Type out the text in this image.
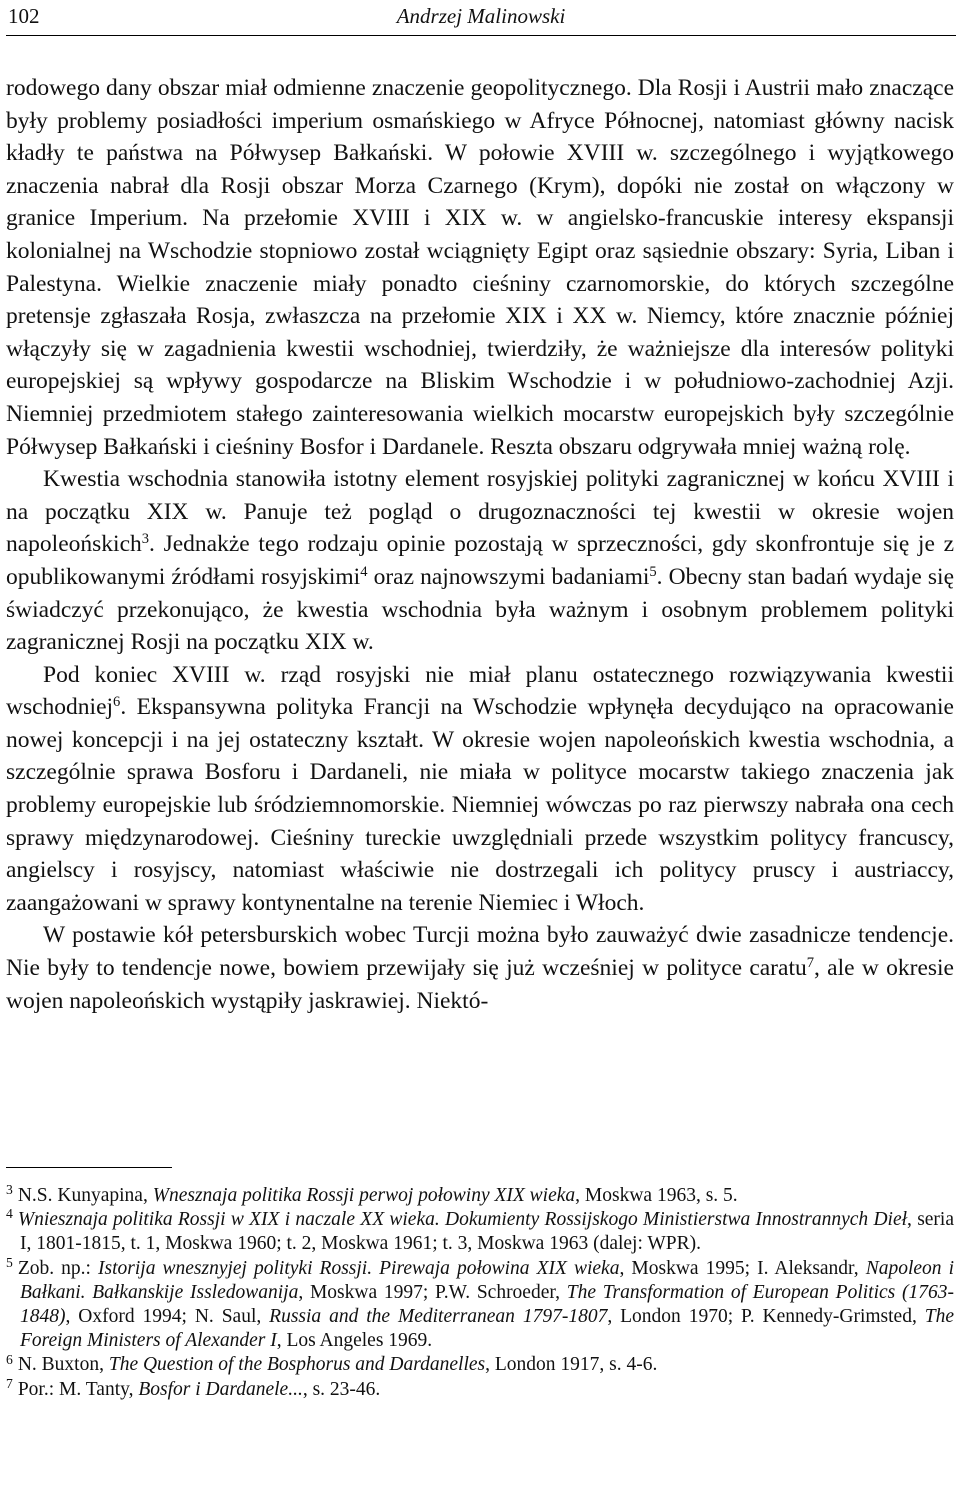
102	Andrzej Malinowski

rodowego dany obszar miał odmienne znaczenie geopolitycznego. Dla Rosji i Austrii mało znaczące były problemy posiadłości imperium osmańskiego w Afryce Północnej, natomiast główny nacisk kładły te państwa na Półwysep Bałkański. W połowie XVIII w. szczególnego i wyjątkowego znaczenia nabrał dla Rosji obszar Morza Czarnego (Krym), dopóki nie został on włączony w granice Imperium. Na przełomie XVIII i XIX w. w angielsko-francuskie interesy ekspansji kolonialnej na Wschodzie stopniowo został wciągnięty Egipt oraz sąsiednie obszary: Syria, Liban i Palestyna. Wielkie znaczenie miały ponadto cieśniny czarnomorskie, do których szczególne pretensje zgłaszała Rosja, zwłaszcza na przełomie XIX i XX w. Niemcy, które znacznie później włączyły się w zagadnienia kwestii wschodniej, twierdziły, że ważniejsze dla interesów polityki europejskiej są wpływy gospodarcze na Bliskim Wschodzie i w południowo-zachodniej Azji. Niemniej przedmiotem stałego zainteresowania wielkich mocarstw europejskich były szczególnie Półwysep Bałkański i cieśniny Bosfor i Dardanele. Reszta obszaru odgrywała mniej ważną rolę.

Kwestia wschodnia stanowiła istotny element rosyjskiej polityki zagranicznej w końcu XVIII i na początku XIX w. Panuje też pogląd o drugoznaczności tej kwestii w okresie wojen napoleońskich$^3$. Jednakże tego rodzaju opinie pozostają w sprzeczności, gdy skonfrontuje się je z opublikowanymi źródłami rosyjskimi$^4$ oraz najnowszymi badaniami$^5$. Obecny stan badań wydaje się świadczyć przekonująco, że kwestia wschodnia była ważnym i osobnym problemem polityki zagranicznej Rosji na początku XIX w.

Pod koniec XVIII w. rząd rosyjski nie miał planu ostatecznego rozwiązywania kwestii wschodniej$^6$. Ekspansywna polityka Francji na Wschodzie wpłynęła decydująco na opracowanie nowej koncepcji i na jej ostateczny kształt. W okresie wojen napoleońskich kwestia wschodnia, a szczególnie sprawa Bosforu i Dardaneli, nie miała w polityce mocarstw takiego znaczenia jak problemy europejskie lub śródziemnomorskie. Niemniej wówczas po raz pierwszy nabrała ona cech sprawy międzynarodowej. Cieśniny tureckie uwzględniali przede wszystkim politycy francuscy, angielscy i rosyjscy, natomiast właściwie nie dostrzegali ich politycy pruscy i austriaccy, zaangażowani w sprawy kontynentalne na terenie Niemiec i Włoch.

W postawie kół petersburskich wobec Turcji można było zauważyć dwie zasadnicze tendencje. Nie były to tendencje nowe, bowiem przewijały się już wcześniej w polityce caratu$^7$, ale w okresie wojen napoleońskich wystąpiły jaskrawiej. Niektó-

$^3$ N.S. Kunyapina, Wnesznaja politika Rossji perwoj połowiny XIX wieka, Moskwa 1963, s. 5.
$^4$ Wniesznaja politika Rossji w XIX i naczale XX wieka. Dokumienty Rossijskogo Ministierstwa Innostrannych Dieł, seria I, 1801-1815, t. 1, Moskwa 1960; t. 2, Moskwa 1961; t. 3, Moskwa 1963 (dalej: WPR).
$^5$ Zob. np.: Istorija wnesznyjej polityki Rossji. Pirewaja połowina XIX wieka, Moskwa 1995; I. Aleksandr, Napoleon i Bałkani. Bałkanskije Issledowanija, Moskwa 1997; P.W. Schroeder, The Transformation of European Politics (1763-1848), Oxford 1994; N. Saul, Russia and the Mediterranean 1797-1807, London 1970; P. Kennedy-Grimsted, The Foreign Ministers of Alexander I, Los Angeles 1969.
$^6$ N. Buxton, The Question of the Bosphorus and Dardanelles, London 1917, s. 4-6.
$^7$ Por.: M. Tanty, Bosfor i Dardanele..., s. 23-46.
